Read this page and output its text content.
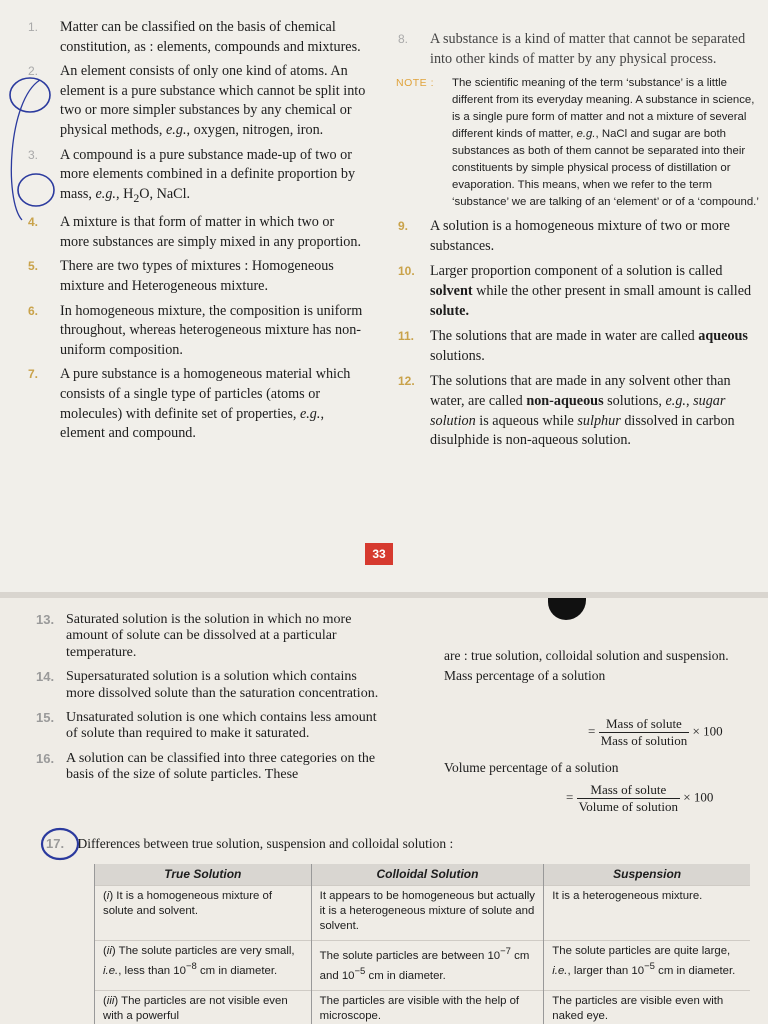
1. Matter can be classified on the basis of chemical constitution, as : elements, compounds and mixtures.
2. An element consists of only one kind of atoms. An element is a pure substance which cannot be split into two or more simpler substances by any chemical or physical methods, e.g., oxygen, nitrogen, iron.
3. A compound is a pure substance made-up of two or more elements combined in a definite proportion by mass, e.g., $H_2O$, NaCl.
4. A mixture is that form of matter in which two or more substances are simply mixed in any proportion.
5. There are two types of mixtures : Homogeneous mixture and Heterogeneous mixture.
6. In homogeneous mixture, the composition is uniform throughout, whereas heterogeneous mixture has non-uniform composition.
7. A pure substance is a homogeneous material which consists of a single type of particles (atoms or molecules) with definite set of properties, e.g., element and compound.
8. A substance is a kind of matter that cannot be separated into other kinds of matter by any physical process.
NOTE : The scientific meaning of the term ‘substance’ is a little different from its everyday meaning. A substance in science, is a single pure form of matter and not a mixture of several different kinds of matter, e.g., NaCl and sugar are both substances as both of them cannot be separated into their constituents by simple physical process of distillation or evaporation. This means, when we refer to the term ‘substance’ we are talking of an ‘element’ or of a ‘compound.’
9. A solution is a homogeneous mixture of two or more substances.
10. Larger proportion component of a solution is called solvent while the other present in small amount is called solute.
11. The solutions that are made in water are called aqueous solutions.
12. The solutions that are made in any solvent other than water, are called non-aqueous solutions, e.g., sugar solution is aqueous while sulphur dissolved in carbon disulphide is non-aqueous solution.
33
13. Saturated solution is the solution in which no more amount of solute can be dissolved at a particular temperature.
14. Supersaturated solution is a solution which contains more dissolved solute than the saturation concentration.
15. Unsaturated solution is one which contains less amount of solute than required to make it saturated.
16. A solution can be classified into three categories on the basis of the size of solute particles. These
are : true solution, colloidal solution and suspension.
Mass percentage of a solution
= $\frac{\text{Mass of solute}}{\text{Mass of solution}} \times 100$
Volume percentage of a solution
= $\frac{\text{Mass of solute}}{\text{Volume of solution}} \times 100$
17. Differences between true solution, suspension and colloidal solution :
True Solution	Colloidal Solution	Suspension
(i) It is a homogeneous mixture of solute and solvent.	It appears to be homogeneous but actually it is a heterogeneous mixture of solute and solvent.	It is a heterogeneous mixture.
(ii) The solute particles are very small, i.e., less than $10^{-8}$ cm in diameter.	The solute particles are between $10^{-7}$ cm and $10^{-5}$ cm in diameter.	The solute particles are quite large, i.e., larger than $10^{-5}$ cm in diameter.
(iii) The particles are not visible even with a powerful	The particles are visible with the help of microscope.	The particles are visible even with naked eye.
